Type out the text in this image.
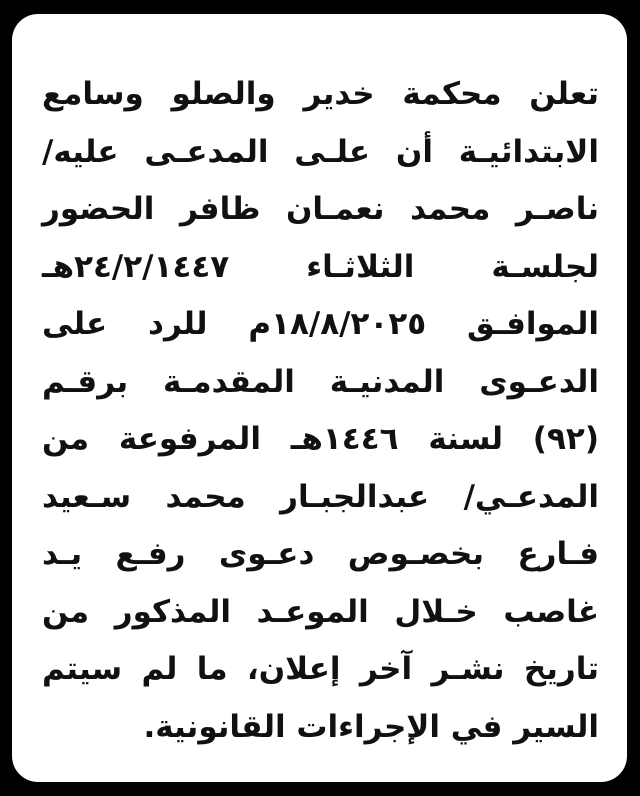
تعلن محكمة خدير والصلو وسامع
الابتدائيـة أن علـى المدعـى عليه/
ناصـر محمد نعمـان ظافر الحضور
لجلسـة الثلاثـاء ٢٤/٢/١٤٤٧هـ
الموافـق ١٨/٨/٢٠٢٥م للرد على
الدعـوى المدنيـة المقدمـة برقـم
(٩٢) لسنة ١٤٤٦هـ المرفوعة من
المدعـي/ عبدالجبـار محمد سـعيد
فـارع بخصـوص دعـوى رفـع يـد
غاصب خـلال الموعـد المذكور من
تاريخ نشـر آخر إعلان، ما لم سيتم
السير في الإجراءات القانونية.
